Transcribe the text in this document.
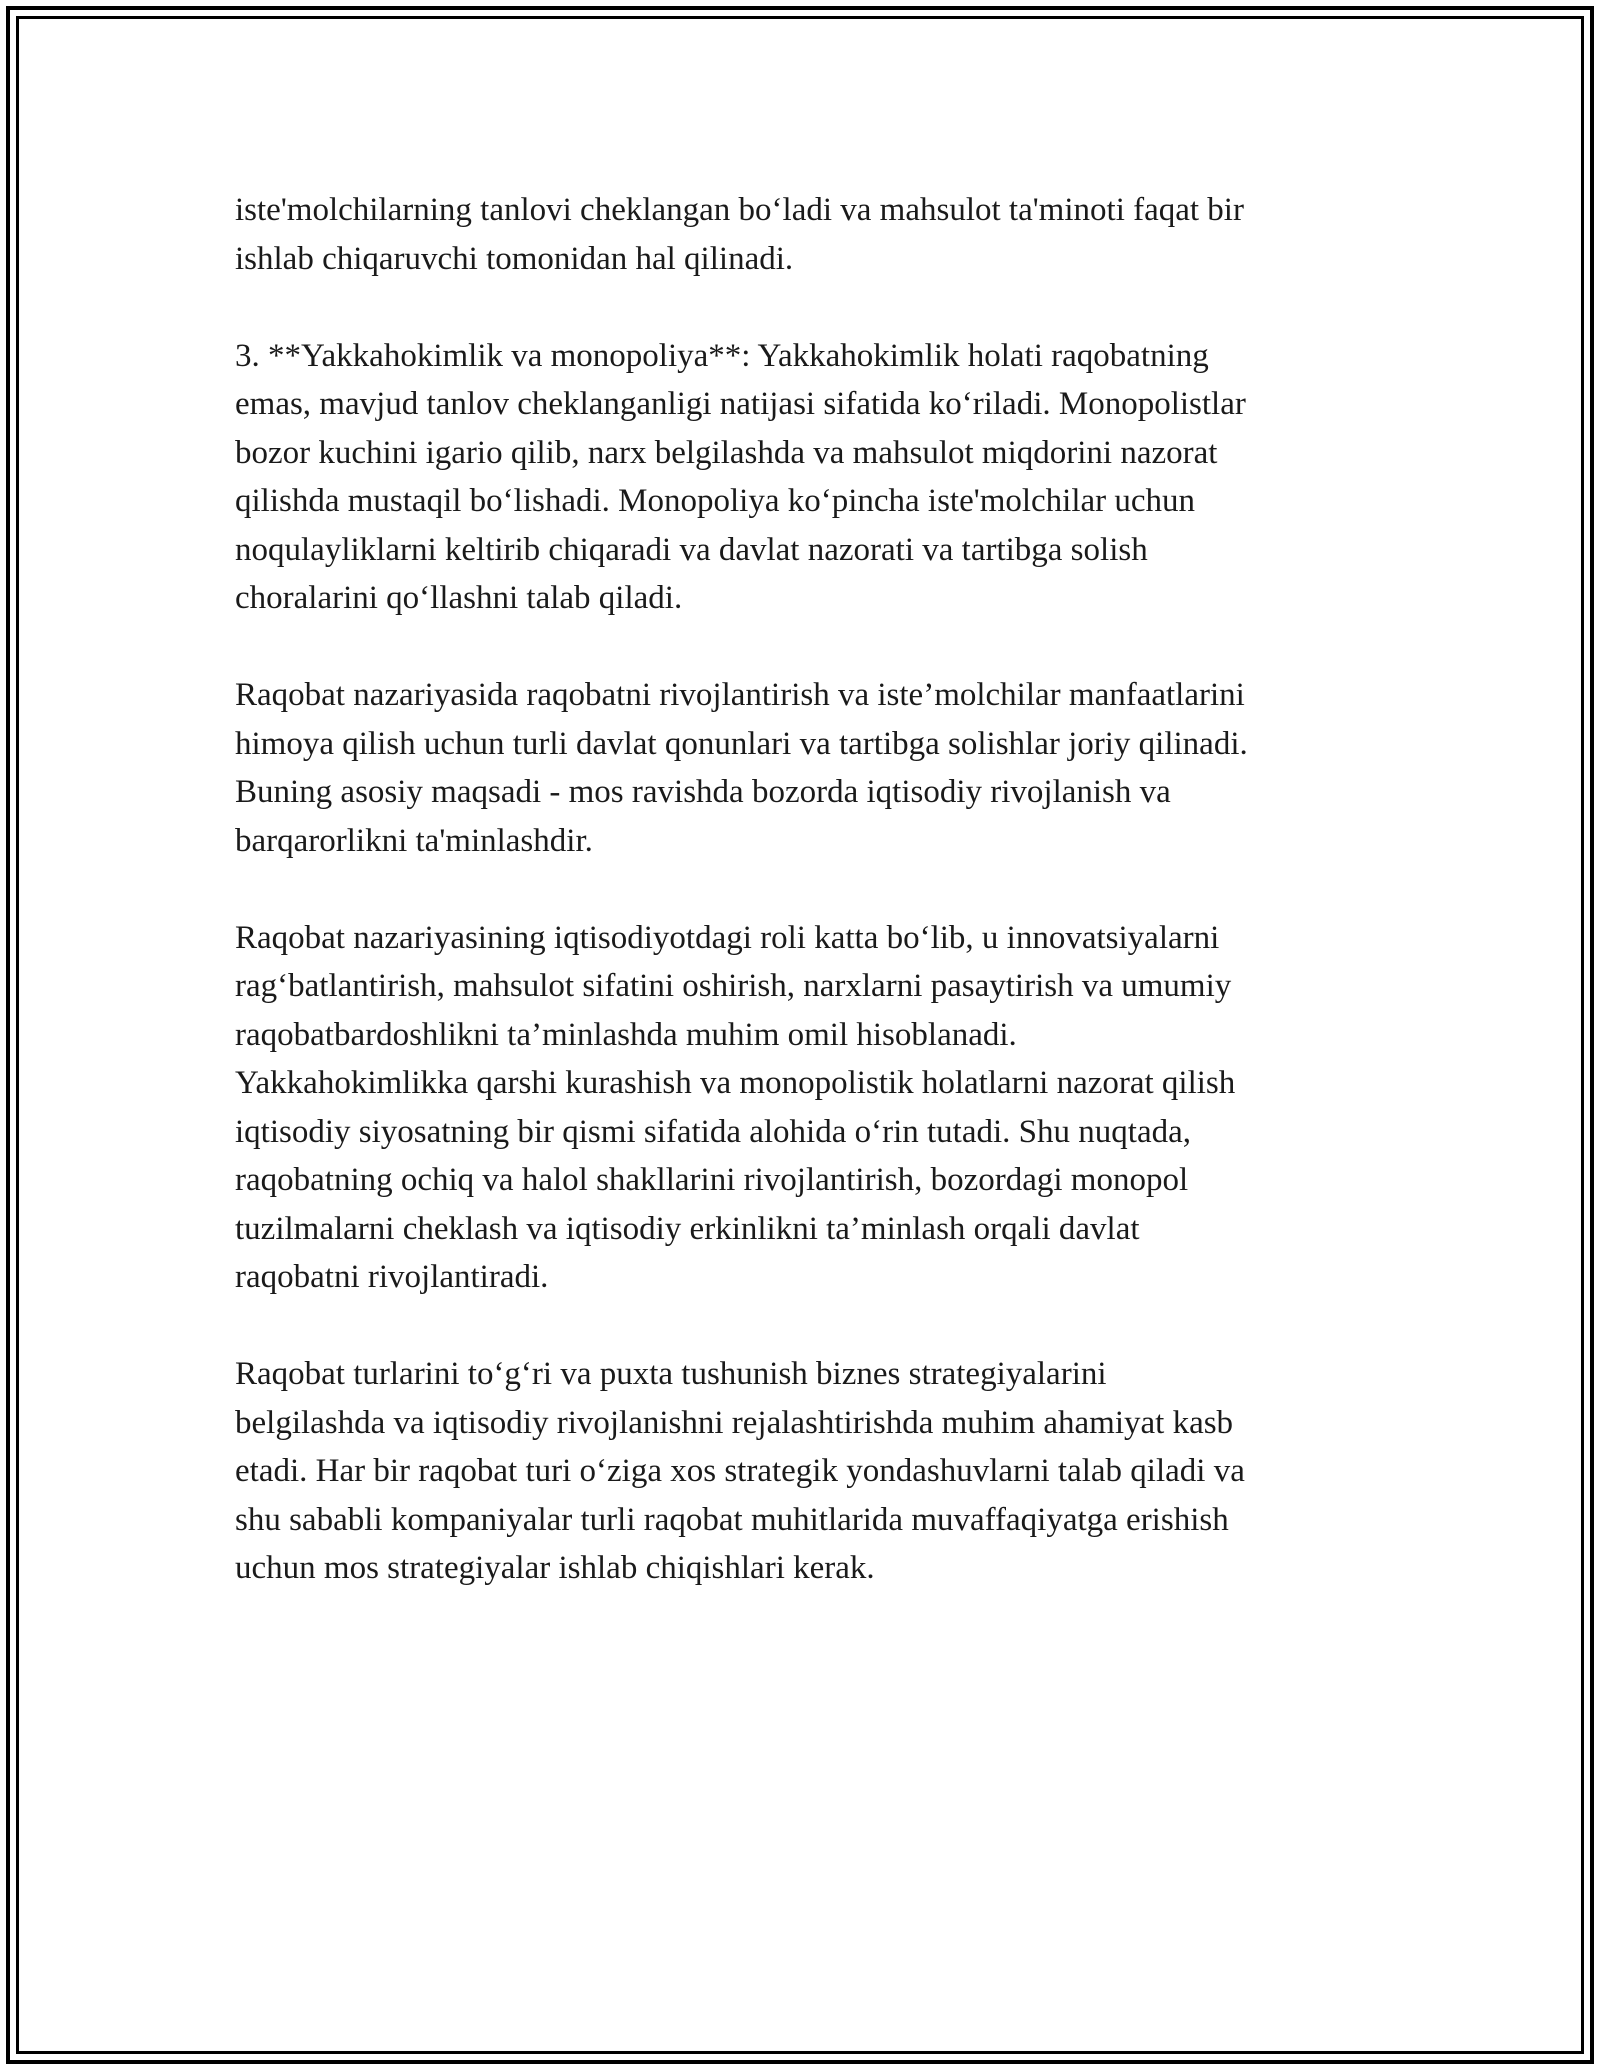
iste'molchilarning tanlovi cheklangan bo‘ladi va mahsulot ta'minoti faqat bir
ishlab chiqaruvchi tomonidan hal qilinadi.

3. **Yakkahokimlik va monopoliya**: Yakkahokimlik holati raqobatning
emas, mavjud tanlov cheklanganligi natijasi sifatida ko‘riladi. Monopolistlar
bozor kuchini igario qilib, narx belgilashda va mahsulot miqdorini nazorat
qilishda mustaqil bo‘lishadi. Monopoliya ko‘pincha iste'molchilar uchun
noqulayliklarni keltirib chiqaradi va davlat nazorati va tartibga solish
choralarini qo‘llashni talab qiladi.

Raqobat nazariyasida raqobatni rivojlantirish va iste’molchilar manfaatlarini
himoya qilish uchun turli davlat qonunlari va tartibga solishlar joriy qilinadi.
Buning asosiy maqsadi - mos ravishda bozorda iqtisodiy rivojlanish va
barqarorlikni ta'minlashdir.

Raqobat nazariyasining iqtisodiyotdagi roli katta bo‘lib, u innovatsiyalarni
rag‘batlantirish, mahsulot sifatini oshirish, narxlarni pasaytirish va umumiy
raqobatbardoshlikni ta’minlashda muhim omil hisoblanadi.
Yakkahokimlikka qarshi kurashish va monopolistik holatlarni nazorat qilish
iqtisodiy siyosatning bir qismi sifatida alohida o‘rin tutadi. Shu nuqtada,
raqobatning ochiq va halol shakllarini rivojlantirish, bozordagi monopol
tuzilmalarni cheklash va iqtisodiy erkinlikni ta’minlash orqali davlat
raqobatni rivojlantiradi.

Raqobat turlarini to‘g‘ri va puxta tushunish biznes strategiyalarini
belgilashda va iqtisodiy rivojlanishni rejalashtirishda muhim ahamiyat kasb
etadi. Har bir raqobat turi o‘ziga xos strategik yondashuvlarni talab qiladi va
shu sababli kompaniyalar turli raqobat muhitlarida muvaffaqiyatga erishish
uchun mos strategiyalar ishlab chiqishlari kerak.
